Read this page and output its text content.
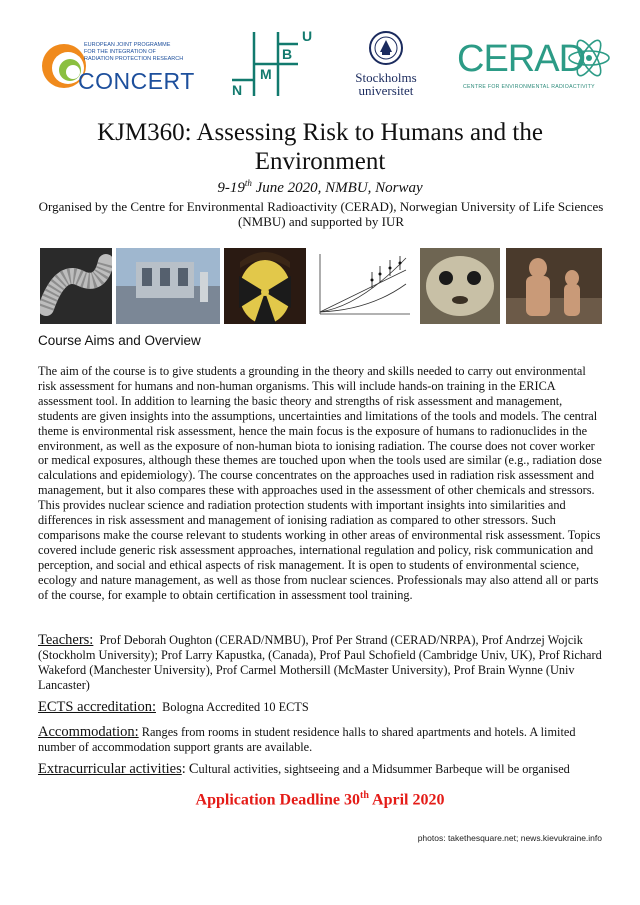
EUROPEAN JOINT PROGRAMME
FOR THE INTEGRATION OF
RADIATION PROTECTION RESEARCH
CONCERT	N
M
B
U
Stockholms
universitet
CERAD
CENTRE FOR ENVIRONMENTAL RADIOACTIVITY
KJM360: Assessing Risk to Humans and the Environment
9-19th June 2020, NMBU, Norway
Organised by the Centre for Environmental Radioactivity (CERAD), Norwegian University of Life Sciences (NMBU) and supported by IUR
Course Aims and Overview

The aim of the course is to give students a grounding in the theory and skills needed to carry out environmental risk assessment for humans and non-human organisms. This will include hands-on training in the ERICA assessment tool. In addition to learning the basic theory and strengths of risk assessment and management, students are given insights into the assumptions, uncertainties and limitations of the tools and models. The central theme is environmental risk assessment, hence the main focus is the exposure of humans to radionuclides in the environment, as well as the exposure of non-human biota to ionising radiation. The course does not cover worker or medical exposures, although these themes are touched upon when the tools used are similar (e.g., radiation dose calculations and epidemiology). The course concentrates on the approaches used in radiation risk assessment and management, but it also compares these with approaches used in the assessment of other chemicals and stressors. This provides nuclear science and radiation protection students with important insights into similarities and differences in risk assessment and management of ionising radiation as compared to other stressors. Such comparisons make the course relevant to students working in other areas of environmental risk assessment. Topics covered include generic risk assessment approaches, international regulation and policy, risk communication and perception, and social and ethical aspects of risk management. It is open to students of environmental science, ecology and nature management, as well as those from nuclear sciences. Professionals may also attend all or parts of the course, for example to obtain certification in assessment tool training.

Teachers: Prof Deborah Oughton (CERAD/NMBU), Prof Per Strand (CERAD/NRPA), Prof Andrzej Wojcik (Stockholm University); Prof Larry Kapustka, (Canada), Prof Paul Schofield (Cambridge Univ, UK), Prof Richard Wakeford (Manchester University), Prof Carmel Mothersill (McMaster University), Prof Brain Wynne (Univ Lancaster)

ECTS accreditation: Bologna Accredited 10 ECTS

Accommodation: Ranges from rooms in student residence halls to shared apartments and hotels. A limited number of accommodation support grants are available.

Extracurricular activities: Cultural activities, sightseeing and a Midsummer Barbeque will be organised

Application Deadline 30th April 2020
photos: takethesquare.net; news.kievukraine.info
